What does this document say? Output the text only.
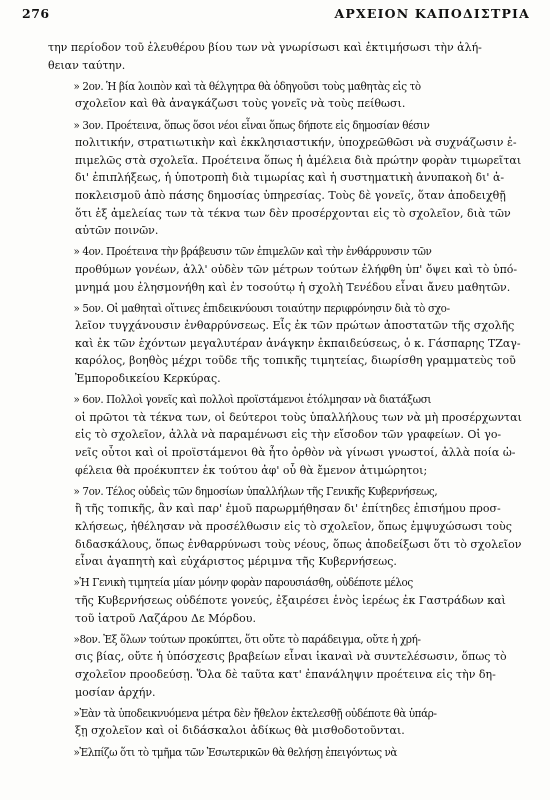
276	ΑΡΧΕΙΟΝ ΚΑΠΟΔΙΣΤΡΙΑ

την περίοδον τοῦ ἐλευθέρου βίου των νὰ γνωρίσωσι καὶ ἐκτιμήσωσι τὴν ἀλή-
θειαν ταύτην.

» 2ον. Ἡ βία λοιπὸν καὶ τὰ θέλγητρα θὰ ὁδηγοῦσι τοὺς μαθητὰς εἰς τὸ
σχολεῖον καὶ θὰ ἀναγκάζωσι τοὺς γονεῖς νὰ τοὺς πείθωσι.

» 3ον. Προέτεινα, ὅπως ὅσοι νέοι εἶναι ὅπως δήποτε εἰς δημοσίαν θέσιν
πολιτικήν, στρατιωτικὴν καὶ ἐκκλησιαστικήν, ὑποχρεῶθῶσι νὰ συχνάζωσιν ἐ-
πιμελῶς στὰ σχολεῖα. Προέτεινα ὅπως ἡ ἀμέλεια διὰ πρώτην φορὰν τιμωρεῖται
δι' ἐπιπλήξεως, ἡ ὑποτροπὴ διὰ τιμωρίας καὶ ἡ συστηματικὴ ἀνυπακοὴ δι' ἀ-
ποκλεισμοῦ ἀπὸ πάσης δημοσίας ὑπηρεσίας. Τοὺς δὲ γονεῖς, ὅταν ἀποδειχθῇ
ὅτι ἐξ ἀμελείας των τὰ τέκνα των δὲν προσέρχονται εἰς τὸ σχολεῖον, διὰ τῶν
αὐτῶν ποινῶν.

» 4ον. Προέτεινα τὴν βράβευσιν τῶν ἐπιμελῶν καὶ τὴν ἐνθάρρυνσιν τῶν
προθύμων γονέων, ἀλλ' οὐδὲν τῶν μέτρων τούτων ἐλήφθη ὑπ' ὄψει καὶ τὸ ὑπό-
μνημά μου ἐλησμονήθη καὶ ἐν τοσούτῳ ἡ σχολὴ Τενέδου εἶναι ἄνευ μαθητῶν.

» 5ον. Οἱ μαθηταὶ οἵτινες ἐπιδεικνύουσι τοιαύτην περιφρόνησιν διὰ τὸ σχο-
λεῖον τυγχάνουσιν ἐνθαρρύνσεως. Εἷς ἐκ τῶν πρώτων ἀποστατῶν τῆς σχολῆς
καὶ ἐκ τῶν ἐχόντων μεγαλυτέραν ἀνάγκην ἐκπαιδεύσεως, ὁ κ. Γάσπαρης ΤΖαγ-
καρόλος, βοηθὸς μέχρι τοῦδε τῆς τοπικῆς τιμητείας, διωρίσθη γραμματεὺς τοῦ
Ἐμποροδικείου Κερκύρας.

» 6ον. Πολλοὶ γονεῖς καὶ πολλοὶ προϊστάμενοι ἐτόλμησαν νὰ διατάξωσι
οἱ πρῶτοι τὰ τέκνα των, οἱ δεύτεροι τοὺς ὑπαλλήλους των νὰ μὴ προσέρχωνται
εἰς τὸ σχολεῖον, ἀλλὰ νὰ παραμένωσι εἰς τὴν εἴσοδον τῶν γραφείων. Οἱ γο-
νεῖς οὗτοι καὶ οἱ προϊστάμενοι θὰ ἦτο ὀρθὸν νὰ γίνωσι γνωστοί, ἀλλὰ ποία ὠ-
φέλεια θὰ προέκυπτεν ἐκ τούτου ἀφ' οὗ θὰ ἔμενον ἀτιμώρητοι;

» 7ον. Τέλος οὐδεὶς τῶν δημοσίων ὑπαλλήλων τῆς Γενικῆς Κυβερνήσεως,
ἢ τῆς τοπικῆς, ἂν καὶ παρ' ἐμοῦ παρωρμήθησαν δι' ἐπίτηδες ἐπισήμου προσ-
κλήσεως, ἠθέλησαν νὰ προσέλθωσιν εἰς τὸ σχολεῖον, ὅπως ἐμψυχώσωσι τοὺς
διδασκάλους, ὅπως ἐνθαρρύνωσι τοὺς νέους, ὅπως ἀποδείξωσι ὅτι τὸ σχολεῖον
εἶναι ἀγαπητὴ καὶ εὐχάριστος μέριμνα τῆς Κυβερνήσεως.

»Ἡ Γενικὴ τιμητεία μίαν μόνην φορὰν παρουσιάσθη, οὐδέποτε μέλος
τῆς Κυβερνήσεως οὐδέποτε γονεύς, ἐξαιρέσει ἑνὸς ἱερέως ἐκ Γαστράδων καὶ
τοῦ ἰατροῦ Λαζάρου Δε Μόρδου.

»8ον. Ἐξ ὅλων τούτων προκύπτει, ὅτι οὔτε τὸ παράδειγμα, οὔτε ἡ χρή-
σις βίας, οὔτε ἡ ὑπόσχεσις βραβείων εἶναι ἱκαναὶ νὰ συντελέσωσιν, ὅπως τὸ
σχολεῖον προοδεύσῃ. Ὅλα δὲ ταῦτα κατ' ἐπανάληψιν προέτεινα εἰς τὴν δη-
μοσίαν ἀρχήν.

»Ἐὰν τὰ ὑποδεικνυόμενα μέτρα δὲν ἤθελον ἐκτελεσθῇ οὐδέποτε θὰ ὑπάρ-
ξῃ σχολεῖον καὶ οἱ διδάσκαλοι ἀδίκως θὰ μισθοδοτοῦνται.

»Ἐλπίζω ὅτι τὸ τμῆμα τῶν Ἐσωτερικῶν θὰ θελήσῃ ἐπειγόντως νὰ
